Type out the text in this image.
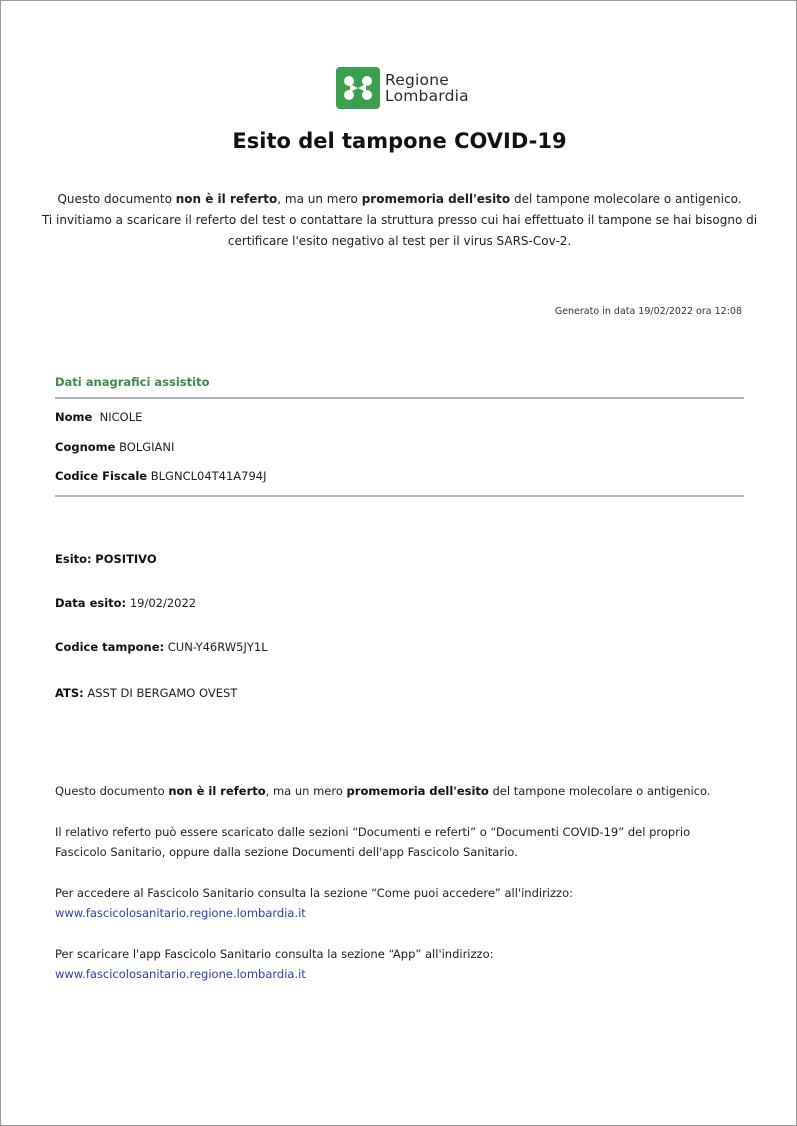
Regione
Lombardia
Esito del tampone COVID-19
Questo documento non è il referto, ma un mero promemoria dell'esito del tampone molecolare o antigenico.
Ti invitiamo a scaricare il referto del test o contattare la struttura presso cui hai effettuato il tampone se hai bisogno di certificare l'esito negativo al test per il virus SARS-Cov-2.
Generato in data 19/02/2022 ora 12:08
Dati anagrafici assistito
Nome NICOLE
Cognome BOLGIANI
Codice Fiscale BLGNCL04T41A794J
Esito: POSITIVO
Data esito: 19/02/2022
Codice tampone: CUN-Y46RW5JY1L
ATS: ASST DI BERGAMO OVEST
Questo documento non è il referto, ma un mero promemoria dell'esito del tampone molecolare o antigenico.
Il relativo referto può essere scaricato dalle sezioni “Documenti e referti” o “Documenti COVID-19” del proprio Fascicolo Sanitario, oppure dalla sezione Documenti dell'app Fascicolo Sanitario.
Per accedere al Fascicolo Sanitario consulta la sezione “Come puoi accedere” all'indirizzo:
www.fascicolosanitario.regione.lombardia.it
Per scaricare l'app Fascicolo Sanitario consulta la sezione “App” all'indirizzo:
www.fascicolosanitario.regione.lombardia.it
